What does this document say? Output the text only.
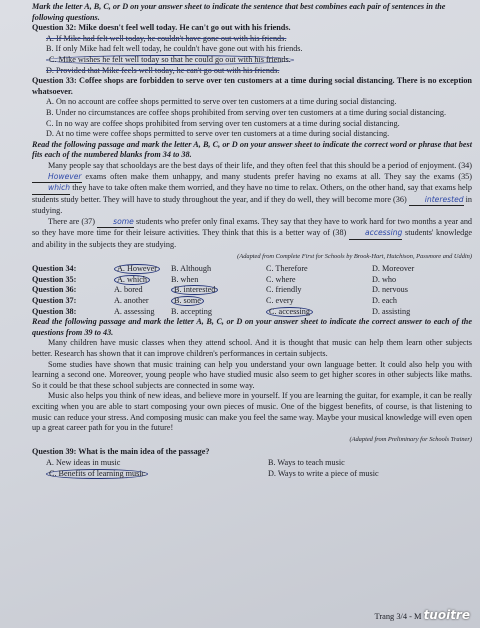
Mark the letter A, B, C, or D on your answer sheet to indicate the sentence that best combines each pair of sentences in the following questions.

Question 32: Mike doesn't feel well today. He can't go out with his friends.

A. If Mike had felt well today, he couldn't have gone out with his friends.

B. If only Mike had felt well today, he couldn't have gone out with his friends.

C. Mike wishes he felt well today so that he could go out with his friends.

D. Provided that Mike feels well today, he can't go out with his friends.

Question 33: Coffee shops are forbidden to serve over ten customers at a time during social distancing. There is no exception whatsoever.

A. On no account are coffee shops permitted to serve over ten customers at a time during social distancing.

B. Under no circumstances are coffee shops prohibited from serving over ten customers at a time during social distancing.

C. In no way are coffee shops prohibited from serving over ten customers at a time during social distancing.

D. At no time were coffee shops permitted to serve over ten customers at a time during social distancing.

Read the following passage and mark the letter A, B, C, or D on your answer sheet to indicate the correct word or phrase that best fits each of the numbered blanks from 34 to 38.

Many people say that schooldays are the best days of their life, and they often feel that this should be a period of enjoyment. (34) However exams often make them unhappy, and many students prefer having no exams at all. They say the exams (35) which they have to take often make them worried, and they have no time to relax. Others, on the other hand, say that exams help students study better. They will have to study throughout the year, and if they do well, they will become more (36) interested in studying.

There are (37) some students who prefer only final exams. They say that they have to work hard for two months a year and so they have more time for their leisure activities. They think that this is a better way of (38) accessing students' knowledge and ability in the subjects they are studying.

(Adapted from Complete First for Schools by Brook-Hart, Hutchison, Passmore and Uddin)

Question 34:	A. However	B. Although	C. Therefore	D. Moreover
Question 35:	A. which	B. when	C. where	D. who
Question 36:	A. bored	B. interested	C. friendly	D. nervous
Question 37:	A. another	B. some	C. every	D. each
Question 38:	A. assessing	B. accepting	C. accessing	D. assisting

Read the following passage and mark the letter A, B, C, or D on your answer sheet to indicate the correct answer to each of the questions from 39 to 43.

Many children have music classes when they attend school. And it is thought that music can help them learn other subjects better. Research has shown that it can improve children's performances in certain subjects.

Some studies have shown that music training can help you understand your own language better. It could also help you with learning a second one. Moreover, young people who have studied music also seem to get higher scores in other subjects like maths. So it could be that these school subjects are connected in some way.

Music also helps you think of new ideas, and believe more in yourself. If you are learning the guitar, for example, it can be really exciting when you are able to start composing your own pieces of music. One of the biggest benefits, of course, is that listening to music can reduce your stress. And composing music can make you feel the same way. Maybe your musical knowledge will even open up a great career path for you in the future!

(Adapted from Preliminary for Schools Trainer)

Question 39: What is the main idea of the passage?

A. New ideas in music	B. Ways to teach music
C. Benefits of learning music	D. Ways to write a piece of music
Trang 3/4 - M tuoitre
